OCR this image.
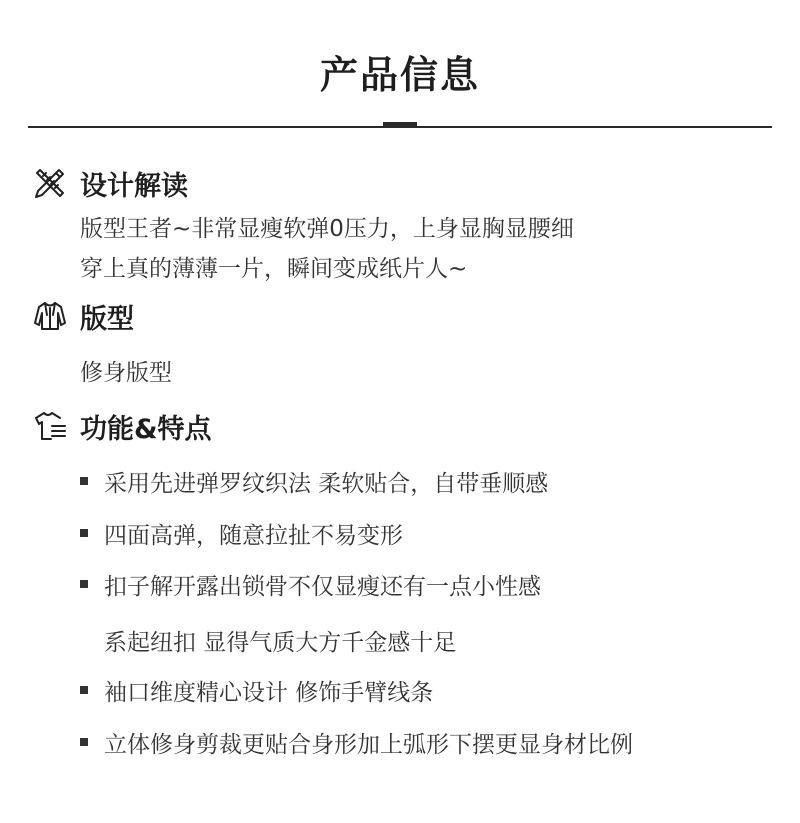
产品信息
设计解读
版型王者~非常显瘦软弹0压力，上身显胸显腰细
穿上真的薄薄一片，瞬间变成纸片人~
版型
修身版型
功能&特点
采用先进弹罗纹织法 柔软贴合，自带垂顺感
四面高弹，随意拉扯不易变形
扣子解开露出锁骨不仅显瘦还有一点小性感
系起纽扣 显得气质大方千金感十足
袖口维度精心设计 修饰手臂线条
立体修身剪裁更贴合身形加上弧形下摆更显身材比例
